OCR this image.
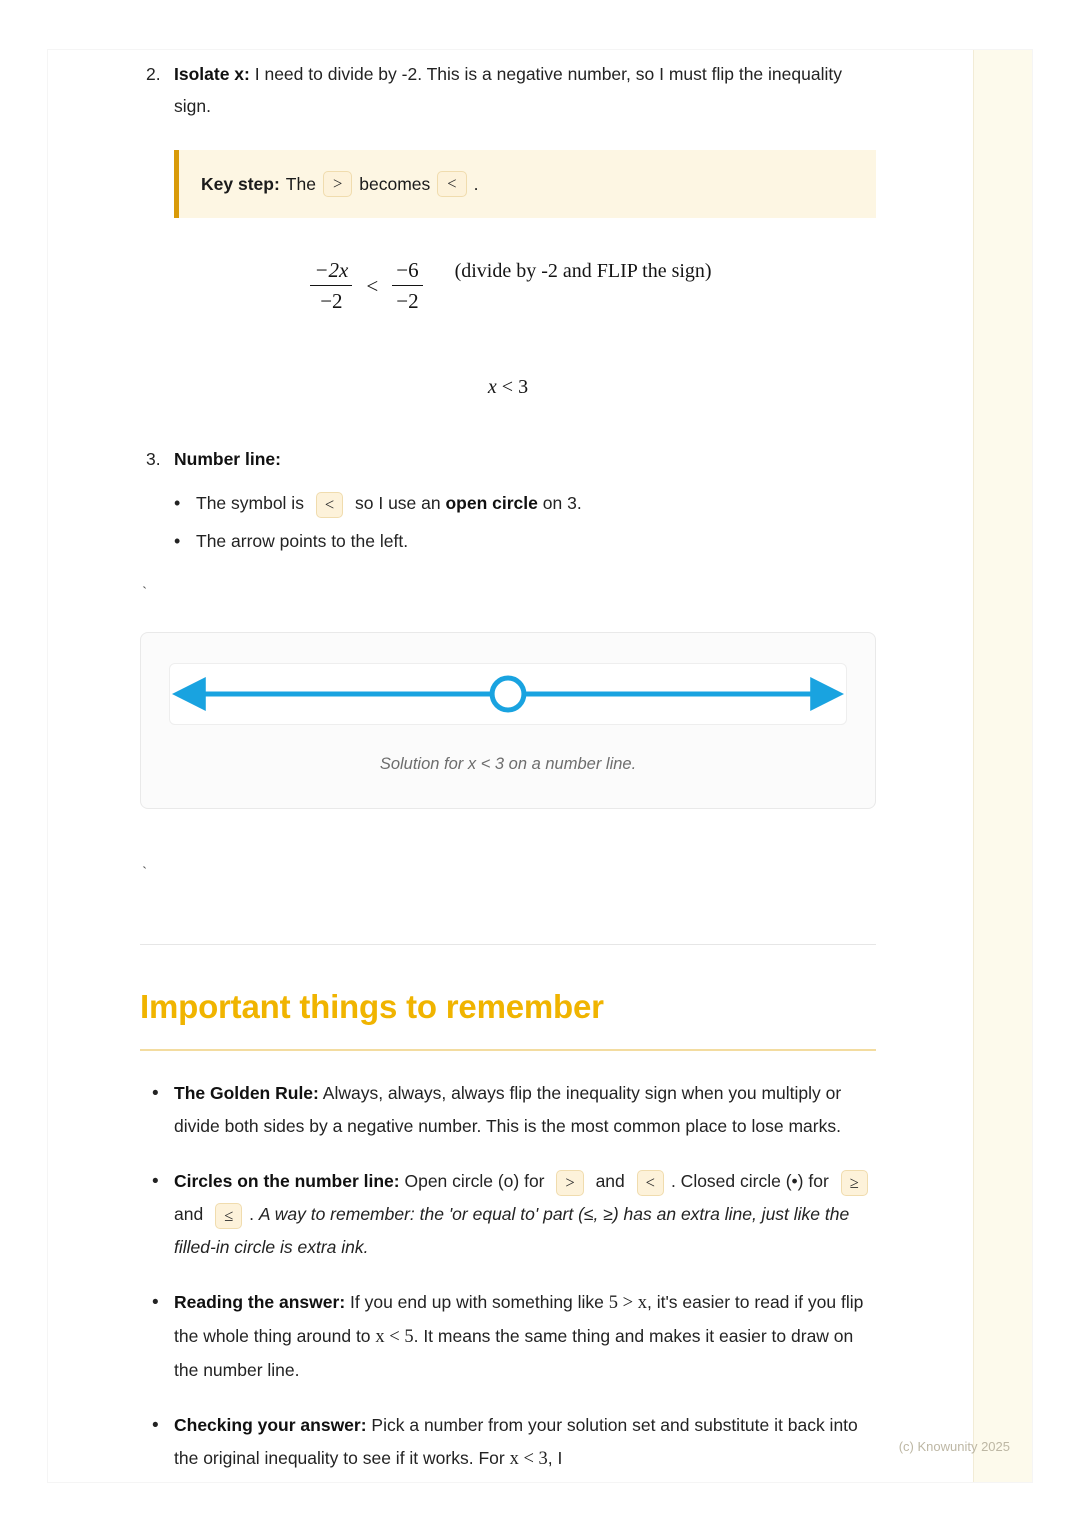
2. Isolate x: I need to divide by -2. This is a negative number, so I must flip the inequality sign.
Key step: The	> becomes	< .
$\frac{-2x}{-2} < \frac{-6}{-2}$ (divide by -2 and FLIP the sign)
x < 3
3. Number line:
• The symbol is < so I use an open circle on 3.
• The arrow points to the left.
`
Solution for x < 3 on a number line.
`
Important things to remember
• The Golden Rule: Always, always, always flip the inequality sign when you multiply or divide both sides by a negative number. This is the most common place to lose marks.
• Circles on the number line: Open circle (o) for > and < . Closed circle (•) for ≥ and ≤ . A way to remember: the 'or equal to' part (≤, ≥) has an extra line, just like the filled-in circle is extra ink.
• Reading the answer: If you end up with something like 5 > x, it's easier to read if you flip the whole thing around to x < 5. It means the same thing and makes it easier to draw on the number line.
• Checking your answer: Pick a number from your solution set and substitute it back into the original inequality to see if it works. For x < 3, I
(c) Knowunity 2025
